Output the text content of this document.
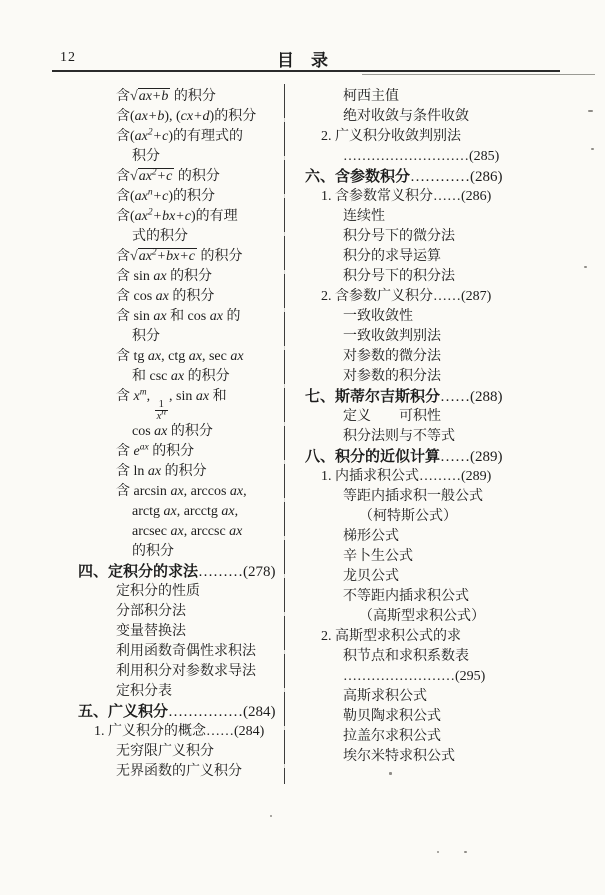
12	目　录
含√ax+b 的积分
含(ax+b), (cx+d)的积分
含$(ax^2+c)$的有理式的
积分
含$√ax^2+c$ 的积分
含$(ax^n+c)$的积分
含$(ax^2+bx+c)$的有理
式的积分
含$√ax^2+bx+c$ 的积分
含 sin ax 的积分
含 cos ax 的积分
含 sin ax 和 cos ax 的
积分
含 tg ax, ctg ax, sec ax
和 csc ax 的积分
含 $x^m$,
$\frac{1}{x^n}$
, sin ax 和
cos ax 的积分
含 $e^{ax}$ 的积分
含 ln ax 的积分
含 arcsin ax, arccos ax,
arctg ax, arcctg ax,
arcsec ax, arccsc ax
的积分
四、定积分的求法………(278)
定积分的性质
分部积分法
变量替换法
利用函数奇偶性求积法
利用积分对参数求导法
定积分表
五、广义积分……………(284)
1. 广义积分的概念……(284)
无穷限广义积分
无界函数的广义积分
柯西主值
绝对收敛与条件收敛
2. 广义积分收敛判别法
………………………(285)
六、含参数积分…………(286)
1. 含参数常义积分……(286)
连续性
积分号下的微分法
积分的求导运算
积分号下的积分法
2. 含参数广义积分……(287)
一致收敛性
一致收敛判别法
对参数的微分法
对参数的积分法
七、斯蒂尔吉斯积分……(288)
定义　　可积性
积分法则与不等式
八、积分的近似计算……(289)
1. 内插求积公式………(289)
等距内插求积一般公式
（柯特斯公式）
梯形公式
辛卜生公式
龙贝公式
不等距内插求积公式
（高斯型求积公式）
2. 高斯型求积公式的求
积节点和求积系数表
……………………(295)
高斯求积公式
勒贝陶求积公式
拉盖尔求积公式
埃尔米特求积公式
